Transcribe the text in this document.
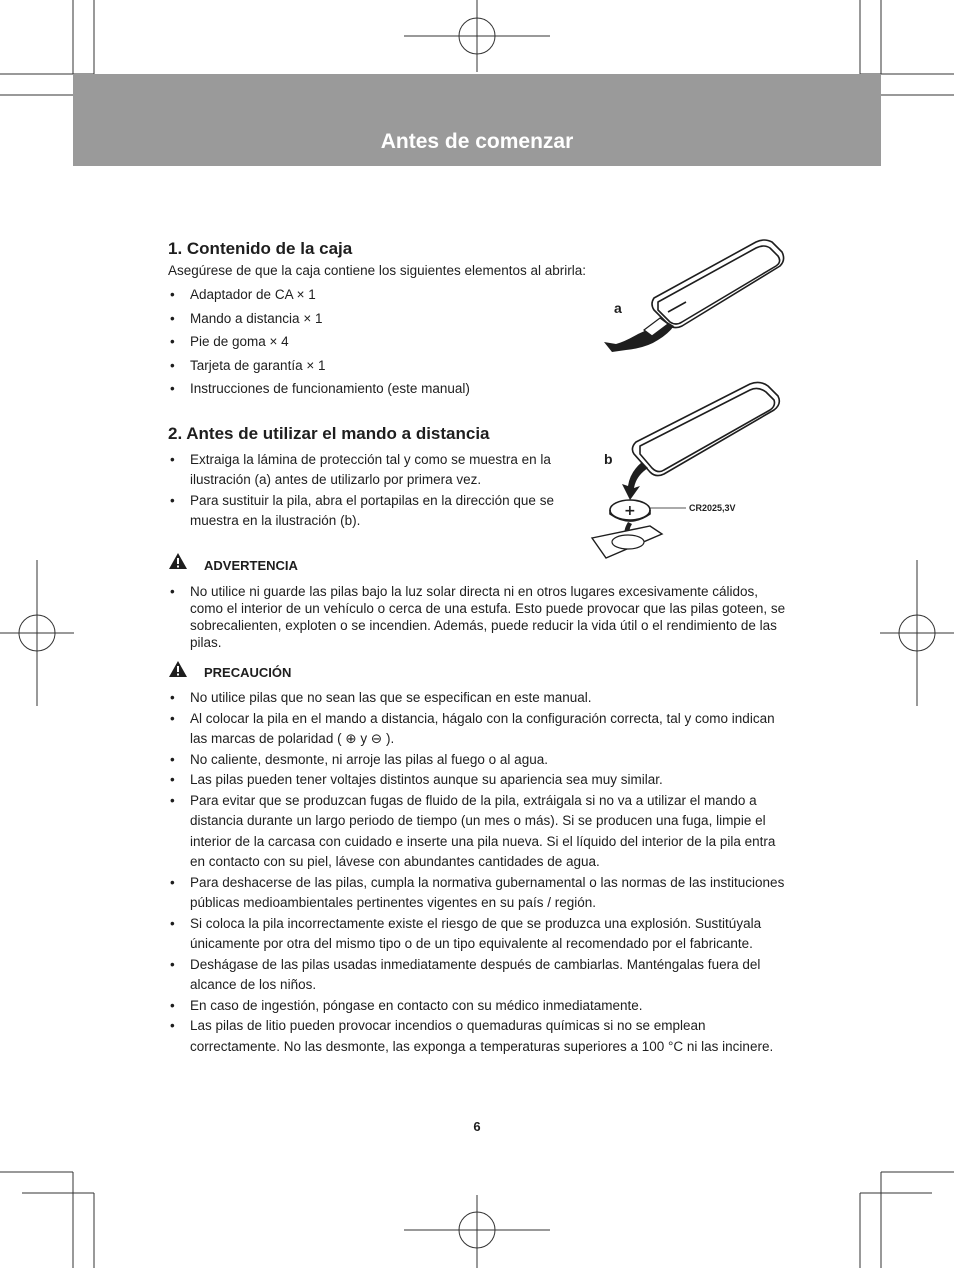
Antes de comenzar
1. Contenido de la caja
Asegúrese de que la caja contiene los siguientes elementos al abrirla:
• Adaptador de CA × 1
• Mando a distancia × 1
• Pie de goma × 4
• Tarjeta de garantía × 1
• Instrucciones de funcionamiento (este manual)
2. Antes de utilizar el mando a distancia
• Extraiga la lámina de protección tal y como se muestra en la ilustración (a) antes de utilizarlo por primera vez.
• Para sustituir la pila, abra el portapilas en la dirección que se muestra en la ilustración (b).
a
+
b
CR2025,3V
ADVERTENCIA
• No utilice ni guarde las pilas bajo la luz solar directa ni en otros lugares excesivamente cálidos, como el interior de un vehículo o cerca de una estufa. Esto puede provocar que las pilas goteen, se sobrecalienten, exploten o se incendien. Además, puede reducir la vida útil o el rendimiento de las pilas.
PRECAUCIÓN
• No utilice pilas que no sean las que se especifican en este manual.
• Al colocar la pila en el mando a distancia, hágalo con la configuración correcta, tal y como indican las marcas de polaridad ( ⊕ y ⊖ ).
• No caliente, desmonte, ni arroje las pilas al fuego o al agua.
• Las pilas pueden tener voltajes distintos aunque su apariencia sea muy similar.
• Para evitar que se produzcan fugas de fluido de la pila, extráigala si no va a utilizar el mando a distancia durante un largo periodo de tiempo (un mes o más). Si se producen una fuga, limpie el interior de la carcasa con cuidado e inserte una pila nueva. Si el líquido del interior de la pila entra en contacto con su piel, lávese con abundantes cantidades de agua.
• Para deshacerse de las pilas, cumpla la normativa gubernamental o las normas de las instituciones públicas medioambientales pertinentes vigentes en su país / región.
• Si coloca la pila incorrectamente existe el riesgo de que se produzca una explosión. Sustitúyala únicamente por otra del mismo tipo o de un tipo equivalente al recomendado por el fabricante.
• Deshágase de las pilas usadas inmediatamente después de cambiarlas. Manténgalas fuera del alcance de los niños.
• En caso de ingestión, póngase en contacto con su médico inmediatamente.
• Las pilas de litio pueden provocar incendios o quemaduras químicas si no se emplean correctamente. No las desmonte, las exponga a temperaturas superiores a 100 °C ni las incinere.
6
